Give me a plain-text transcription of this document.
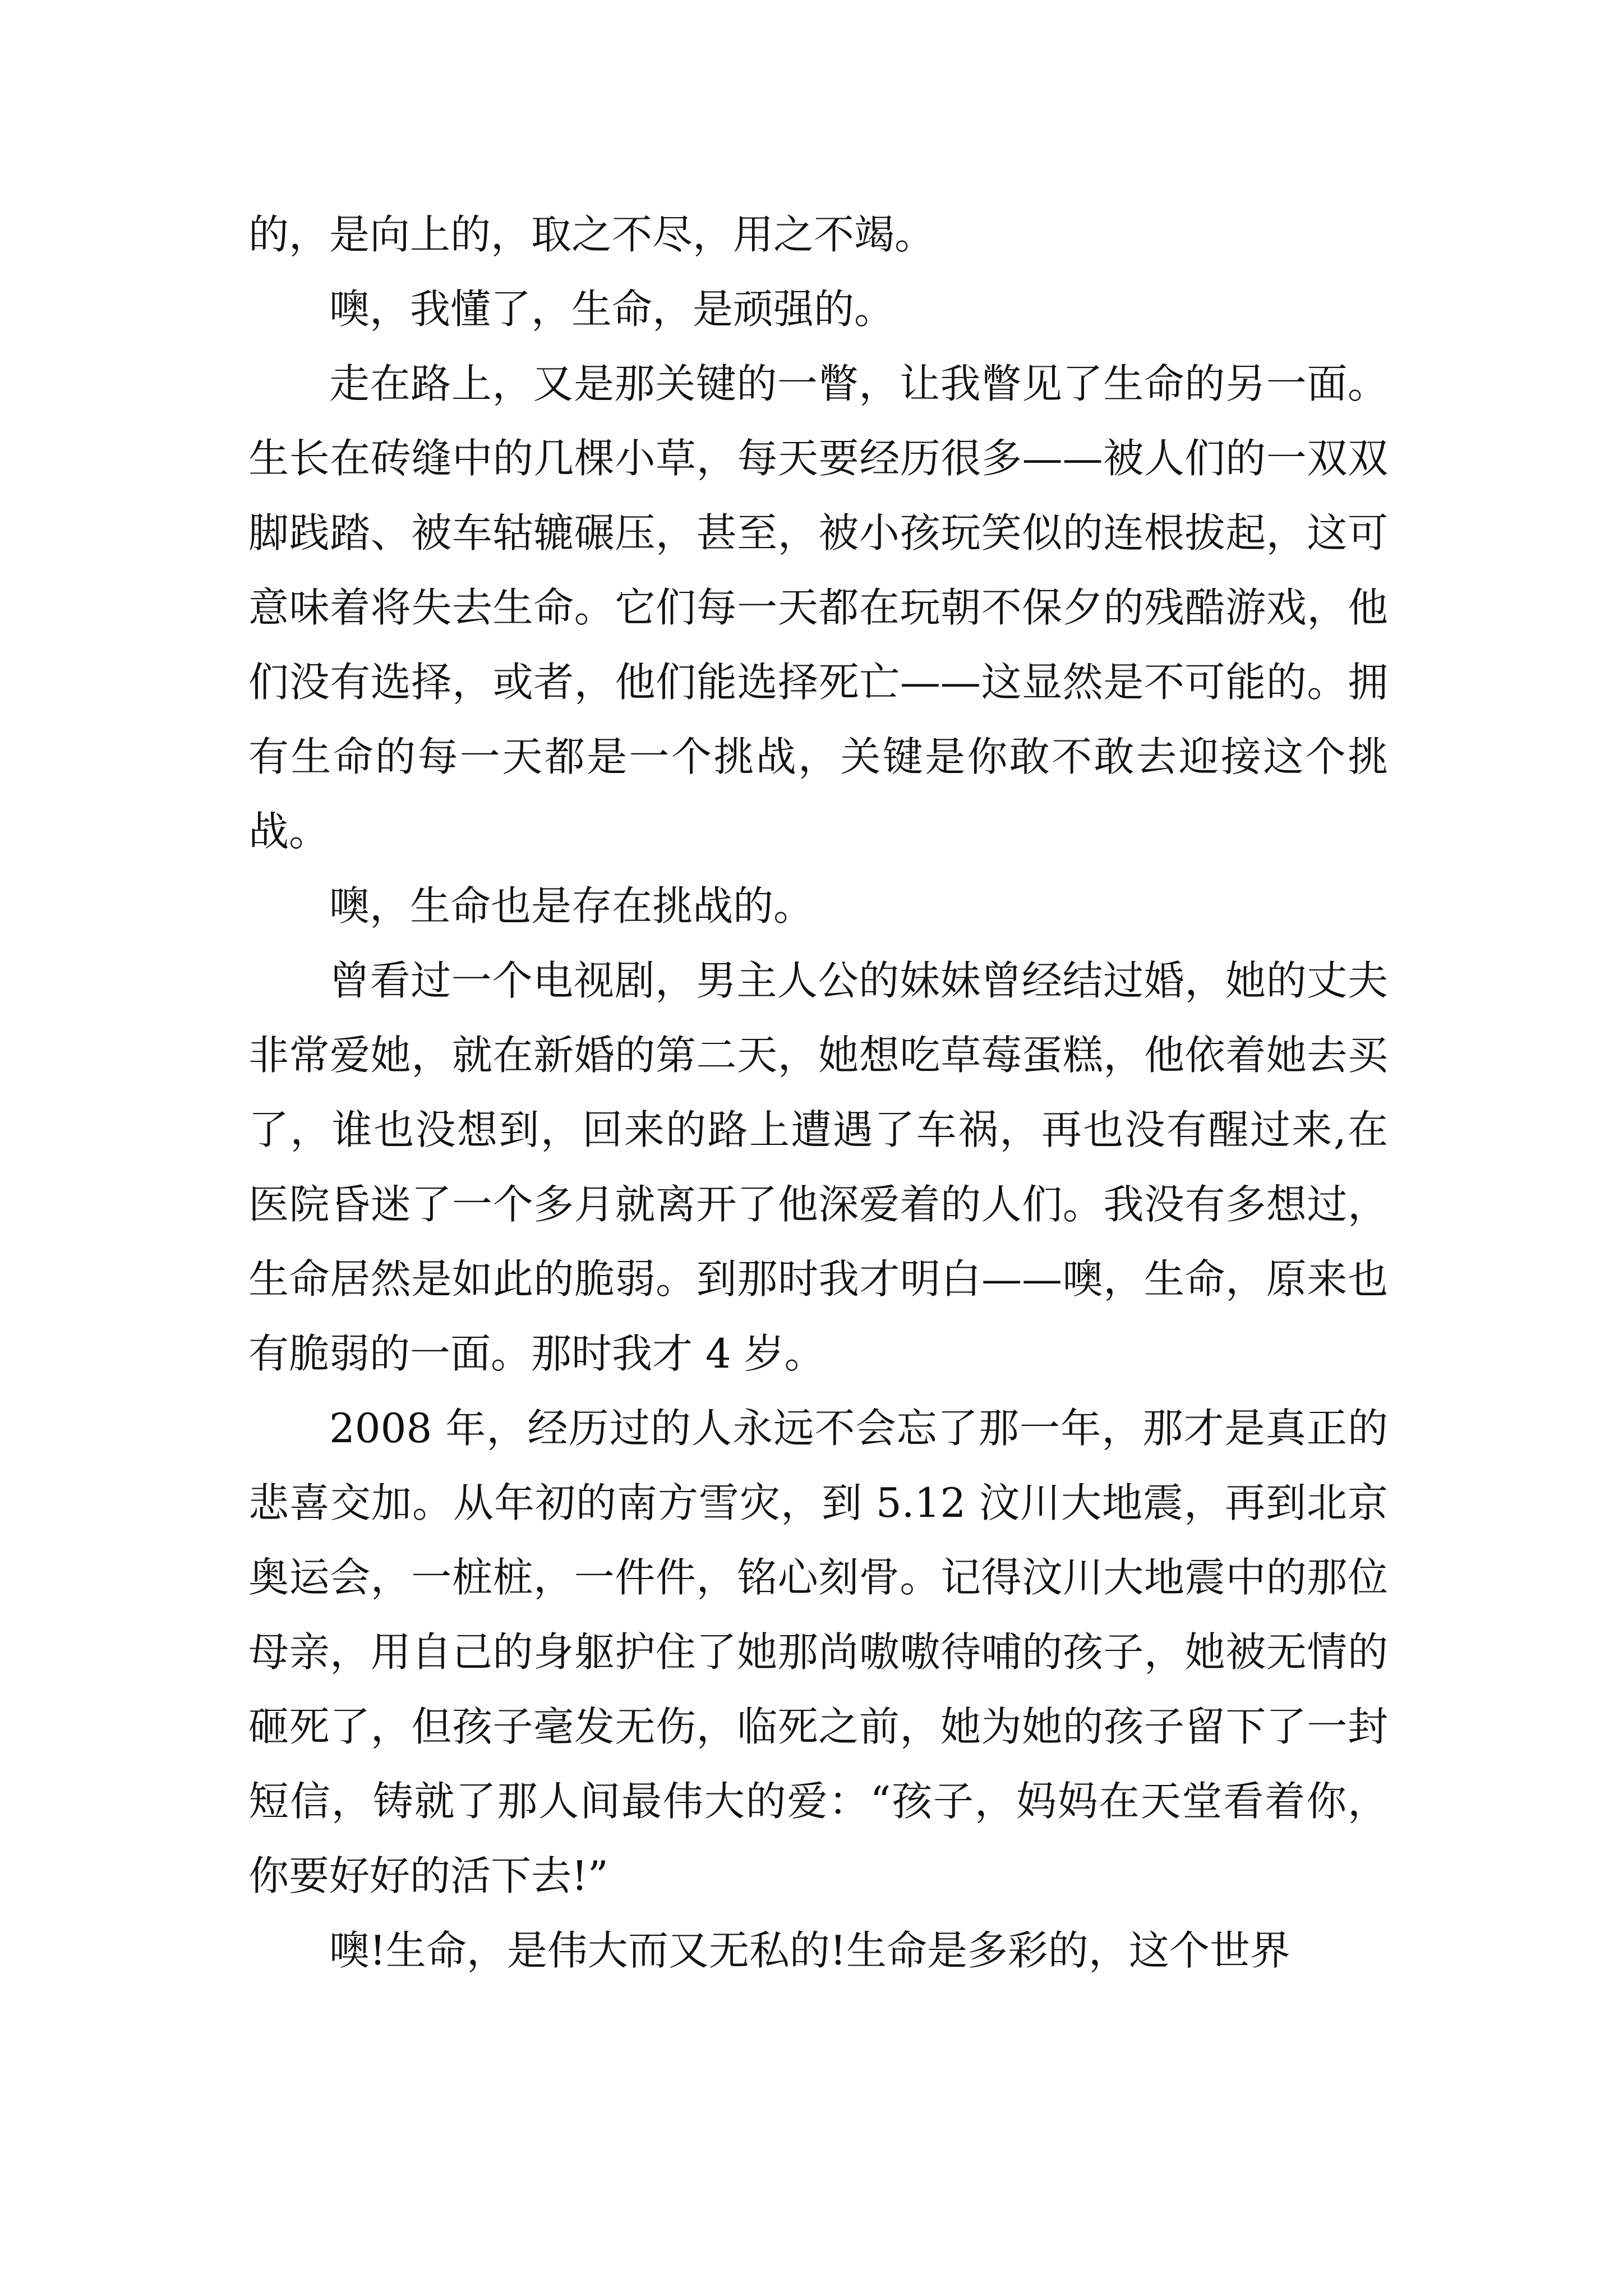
的，是向上的，取之不尽，用之不竭。

噢，我懂了，生命，是顽强的。

走在路上，又是那关键的一瞥，让我瞥见了生命的另一面。生长在砖缝中的几棵小草，每天要经历很多——被人们的一双双脚践踏、被车轱辘碾压，甚至，被小孩玩笑似的连根拔起，这可意味着将失去生命。它们每一天都在玩朝不保夕的残酷游戏，他们没有选择，或者，他们能选择死亡——这显然是不可能的。拥有生命的每一天都是一个挑战，关键是你敢不敢去迎接这个挑战。

噢，生命也是存在挑战的。

曾看过一个电视剧，男主人公的妹妹曾经结过婚，她的丈夫非常爱她，就在新婚的第二天，她想吃草莓蛋糕，他依着她去买了，谁也没想到，回来的路上遭遇了车祸，再也没有醒过来,在医院昏迷了一个多月就离开了他深爱着的人们。我没有多想过，生命居然是如此的脆弱。到那时我才明白——噢，生命，原来也有脆弱的一面。那时我才 4 岁。

2008 年，经历过的人永远不会忘了那一年，那才是真正的悲喜交加。从年初的南方雪灾，到 5.12 汶川大地震，再到北京奥运会，一桩桩，一件件，铭心刻骨。记得汶川大地震中的那位母亲，用自己的身躯护住了她那尚嗷嗷待哺的孩子，她被无情的砸死了，但孩子毫发无伤，临死之前，她为她的孩子留下了一封短信，铸就了那人间最伟大的爱：“孩子，妈妈在天堂看着你，你要好好的活下去!”

噢!生命，是伟大而又无私的!生命是多彩的，这个世界
